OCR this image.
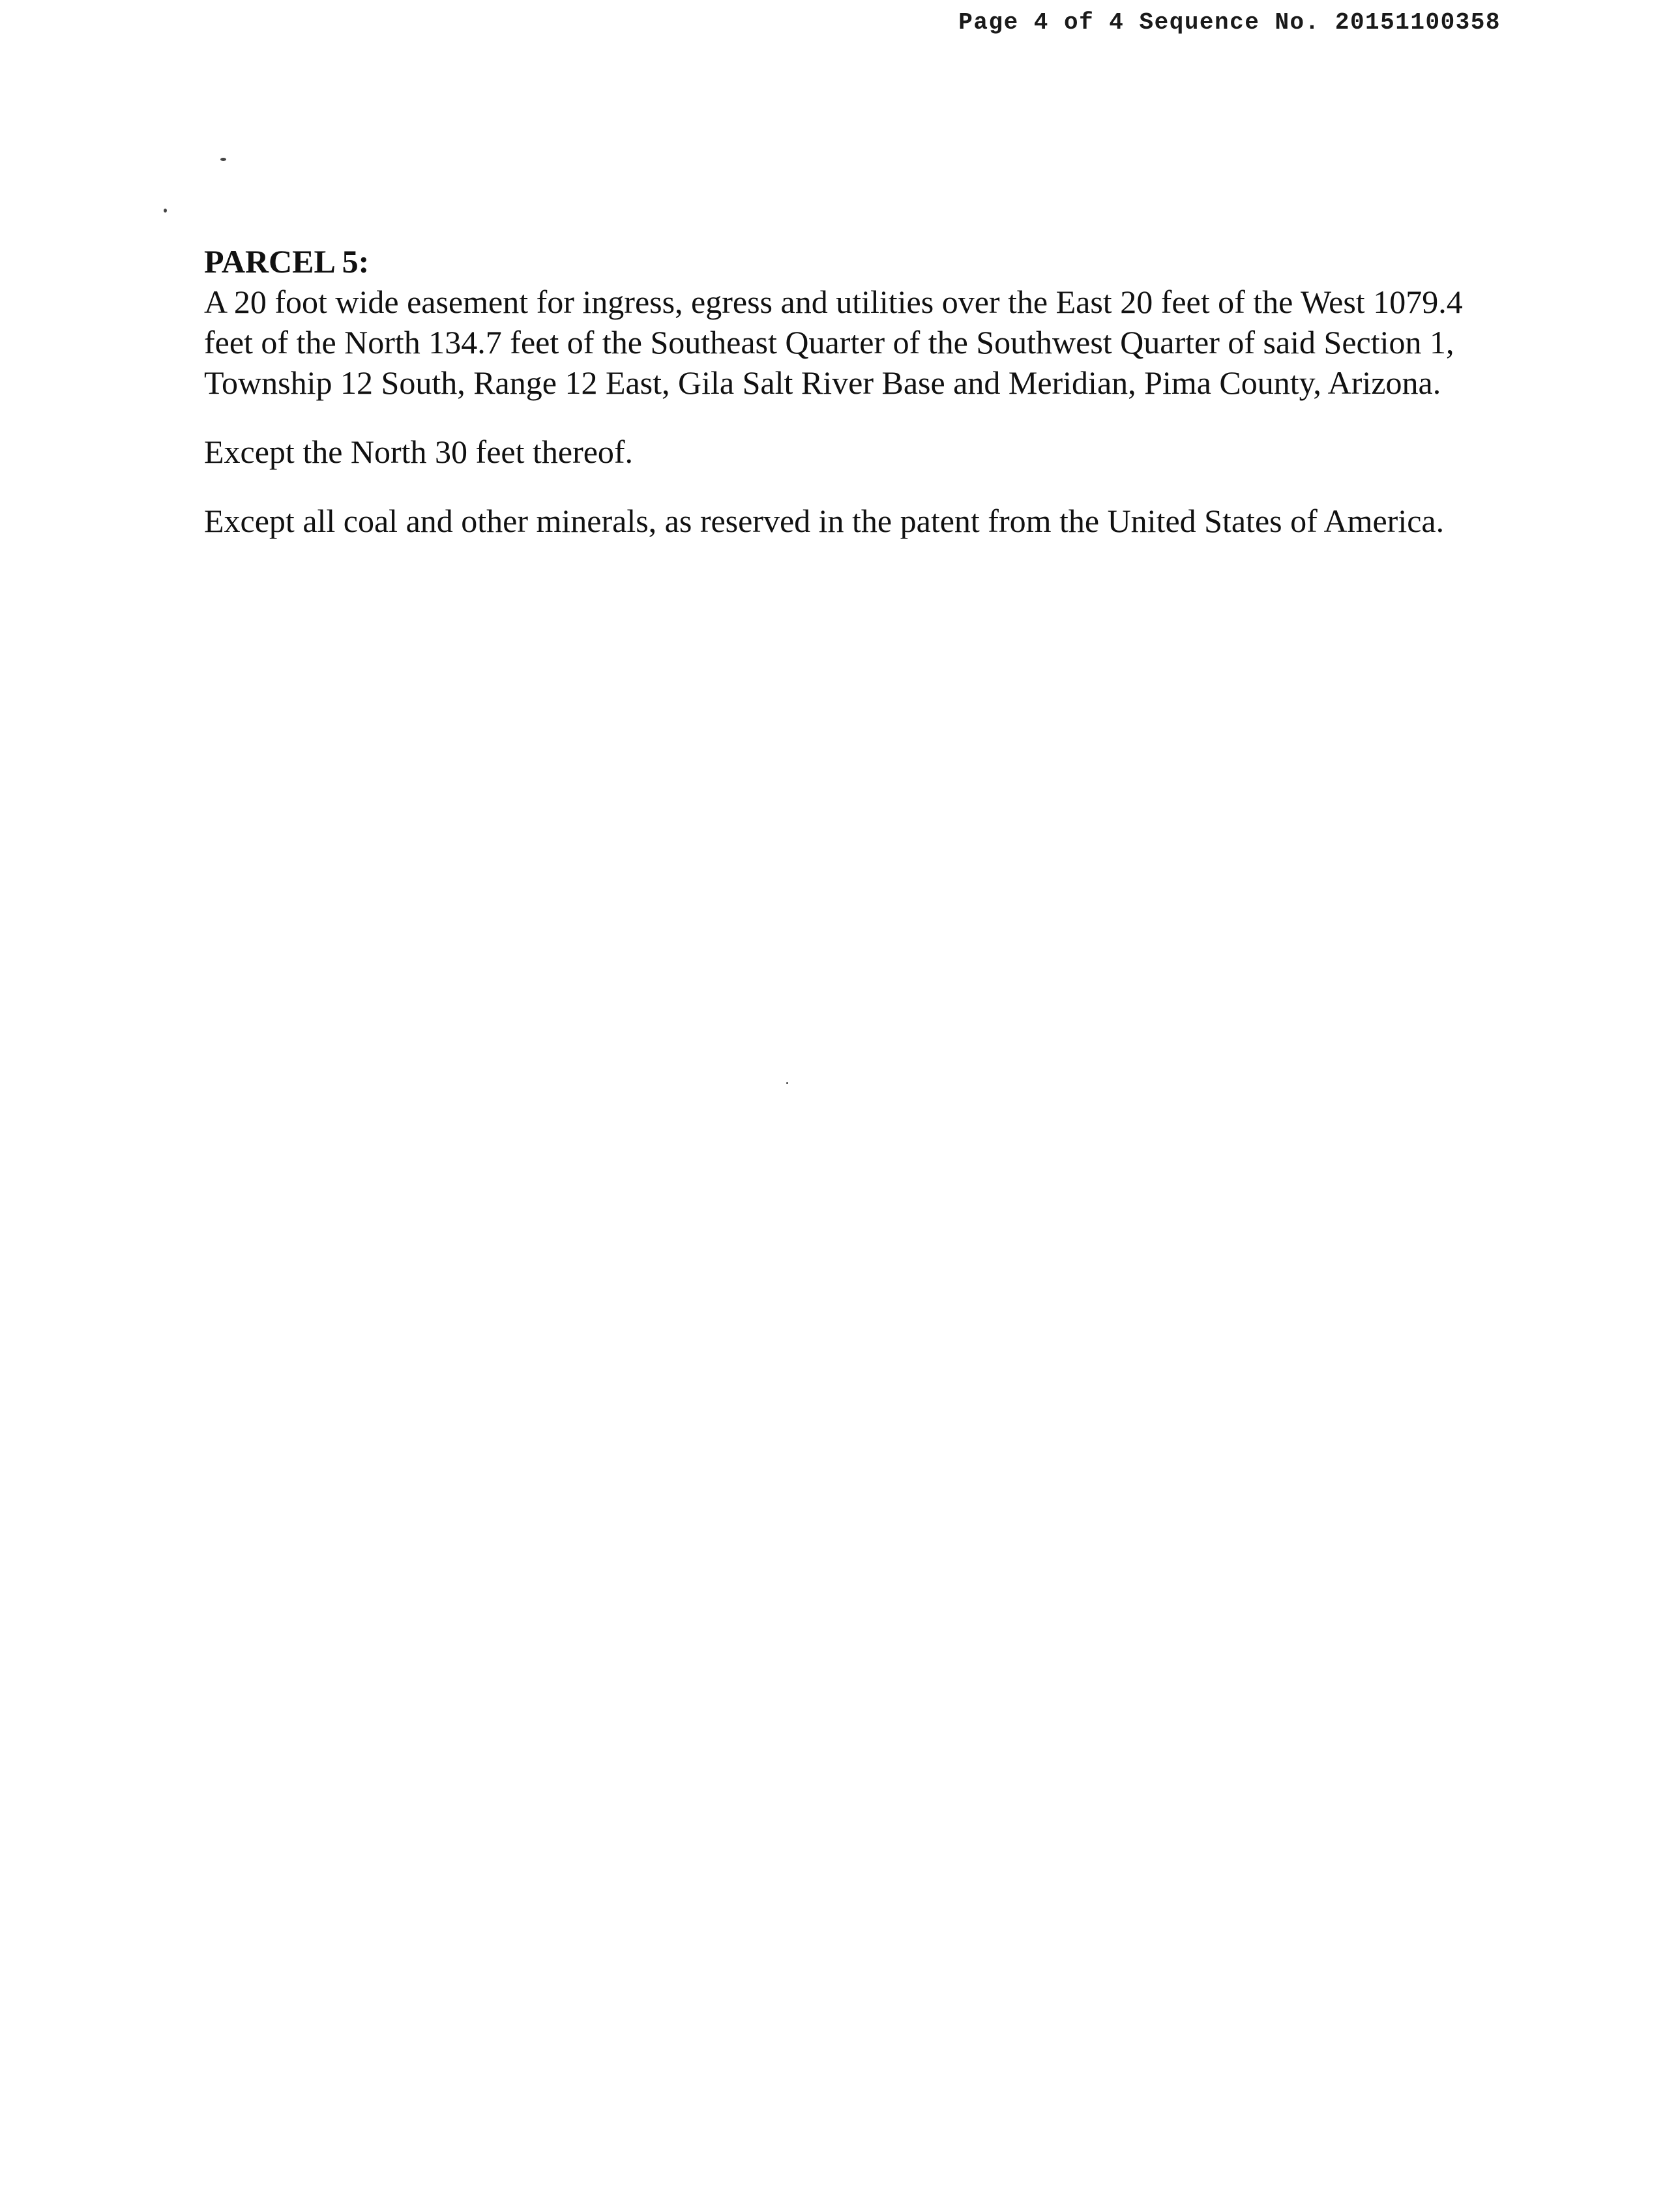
Page 4 of 4 Sequence No. 20151100358

PARCEL 5:

A 20 foot wide easement for ingress, egress and utilities over the East 20 feet of the West 1079.4 feet of the North 134.7 feet of the Southeast Quarter of the Southwest Quarter of said Section 1, Township 12 South, Range 12 East, Gila Salt River Base and Meridian, Pima County, Arizona.

Except the North 30 feet thereof.

Except all coal and other minerals, as reserved in the patent from the United States of America.
